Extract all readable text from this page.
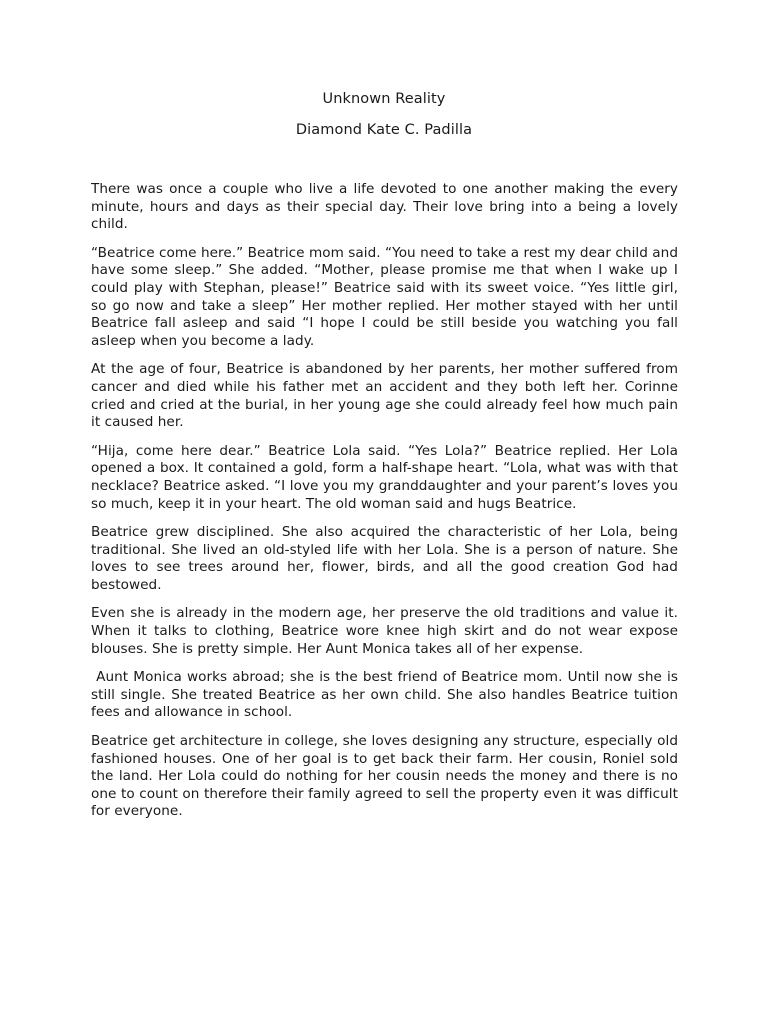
Unknown Reality
Diamond Kate C. Padilla

There was once a couple who live a life devoted to one another making the every minute, hours and days as their special day. Their love bring into a being a lovely child.

“Beatrice come here.” Beatrice mom said. “You need to take a rest my dear child and have some sleep.” She added. “Mother, please promise me that when I wake up I could play with Stephan, please!” Beatrice said with its sweet voice. “Yes little girl, so go now and take a sleep” Her mother replied. Her mother stayed with her until Beatrice fall asleep and said “I hope I could be still beside you watching you fall asleep when you become a lady.

At the age of four, Beatrice is abandoned by her parents, her mother suffered from cancer and died while his father met an accident and they both left her. Corinne cried and cried at the burial, in her young age she could already feel how much pain it caused her.

“Hija, come here dear.” Beatrice Lola said. “Yes Lola?” Beatrice replied. Her Lola opened a box. It contained a gold, form a half-shape heart. “Lola, what was with that necklace? Beatrice asked. “I love you my granddaughter and your parent’s loves you so much, keep it in your heart. The old woman said and hugs Beatrice.

Beatrice grew disciplined. She also acquired the characteristic of her Lola, being traditional. She lived an old-styled life with her Lola. She is a person of nature. She loves to see trees around her, flower, birds, and all the good creation God had bestowed.

Even she is already in the modern age, her preserve the old traditions and value it. When it talks to clothing, Beatrice wore knee high skirt and do not wear expose blouses. She is pretty simple. Her Aunt Monica takes all of her expense.

Aunt Monica works abroad; she is the best friend of Beatrice mom. Until now she is still single. She treated Beatrice as her own child. She also handles Beatrice tuition fees and allowance in school.

Beatrice get architecture in college, she loves designing any structure, especially old fashioned houses. One of her goal is to get back their farm. Her cousin, Roniel sold the land. Her Lola could do nothing for her cousin needs the money and there is no one to count on therefore their family agreed to sell the property even it was difficult for everyone.
